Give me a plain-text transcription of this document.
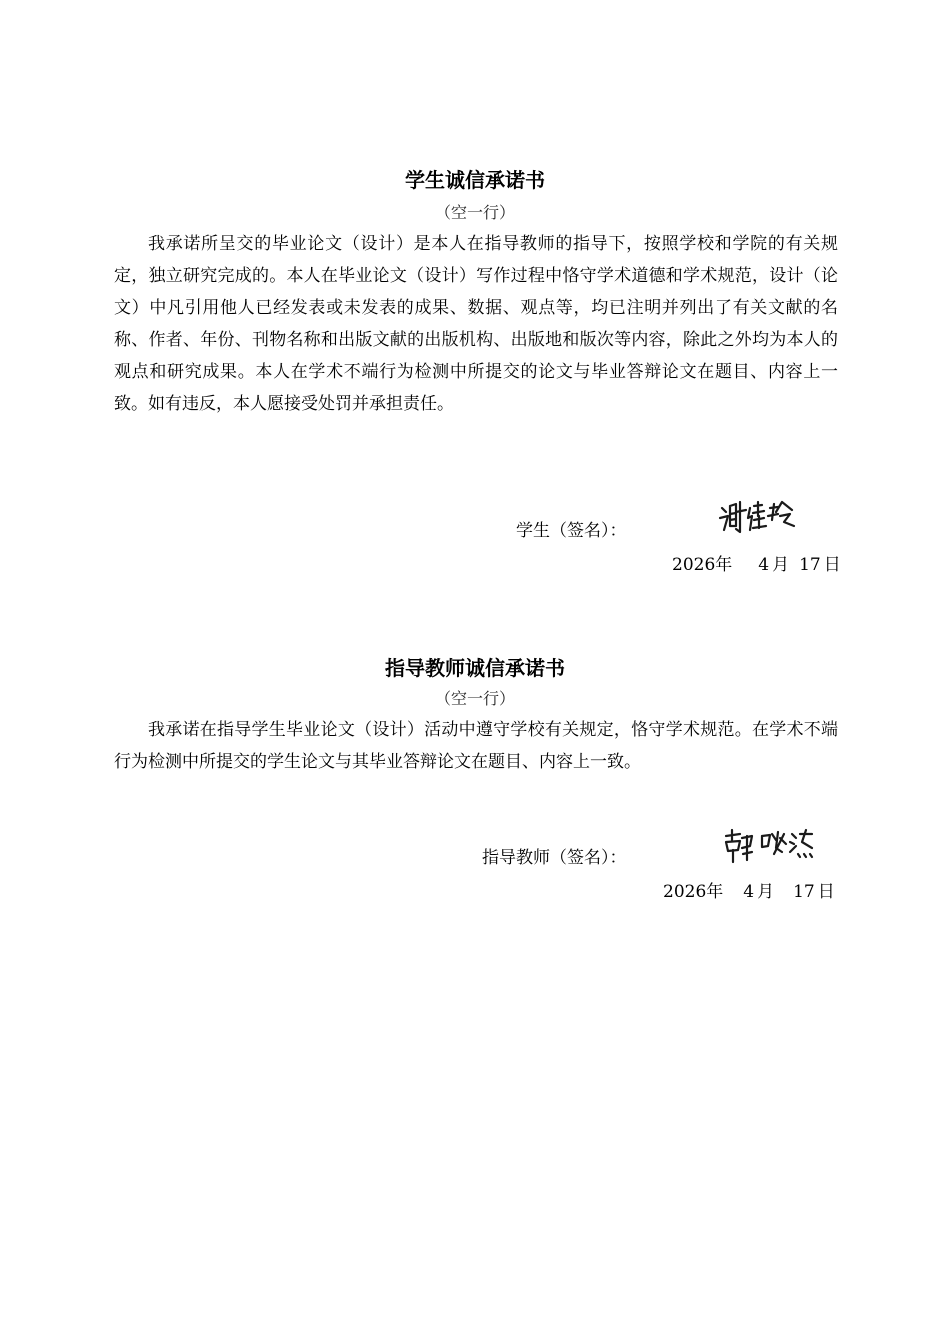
学生诚信承诺书
（空一行）

我承诺所呈交的毕业论文（设计）是本人在指导教师的指导下，按照学校和学院的有关规定，独立研究完成的。本人在毕业论文（设计）写作过程中恪守学术道德和学术规范，设计（论文）中凡引用他人已经发表或未发表的成果、数据、观点等，均已注明并列出了有关文献的名称、作者、年份、刊物名称和出版文献的出版机构、出版地和版次等内容，除此之外均为本人的观点和研究成果。本人在学术不端行为检测中所提交的论文与毕业答辩论文在题目、内容上一致。如有违反，本人愿接受处罚并承担责任。

学生（签名）：
2026年 4 月 17 日
指导教师诚信承诺书
（空一行）

我承诺在指导学生毕业论文（设计）活动中遵守学校有关规定，恪守学术规范。在学术不端行为检测中所提交的学生论文与其毕业答辩论文在题目、内容上一致。

指导教师（签名）：
2026年 4 月 17 日
